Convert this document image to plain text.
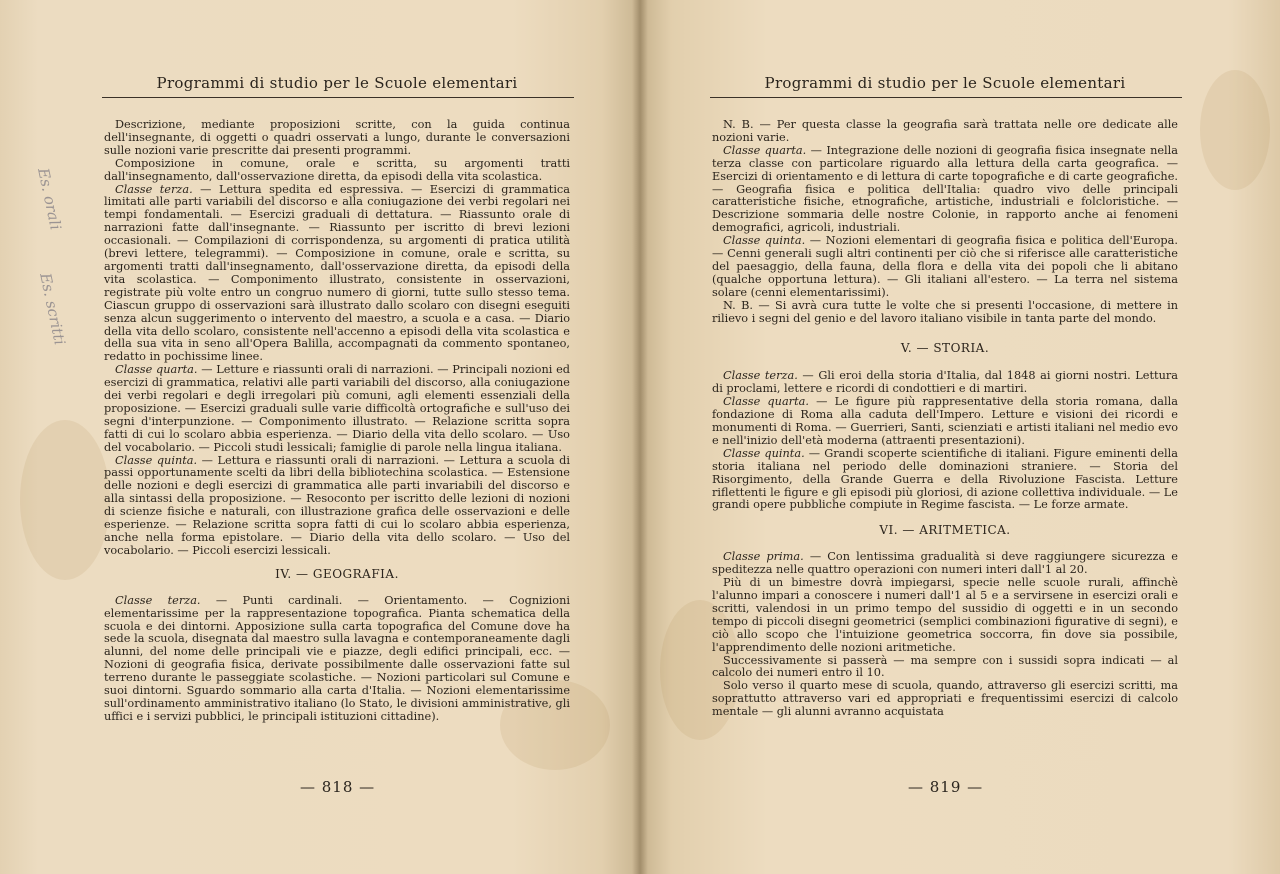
Es. orali
Es. scritti
Programmi di studio per le Scuole elementari

Descrizione, mediante proposizioni scritte, con la guida continua dell'insegnante, di oggetti o quadri osservati a lungo, durante le conversazioni sulle nozioni varie prescritte dai presenti programmi.

Composizione in comune, orale e scritta, su argomenti tratti dall'insegnamento, dall'osservazione diretta, da episodi della vita scolastica.

Classe terza. — Lettura spedita ed espressiva. — Esercizi di grammatica limitati alle parti variabili del discorso e alla coniugazione dei verbi regolari nei tempi fondamentali. — Esercizi graduali di dettatura. — Riassunto orale di narrazioni fatte dall'insegnante. — Riassunto per iscritto di brevi lezioni occasionali. — Compilazioni di corrispondenza, su argomenti di pratica utilità (brevi lettere, telegrammi). — Composizione in comune, orale e scritta, su argomenti tratti dall'insegnamento, dall'osservazione diretta, da episodi della vita scolastica. — Componimento illustrato, consistente in osservazioni, registrate più volte entro un congruo numero di giorni, tutte sullo stesso tema. Ciascun gruppo di osservazioni sarà illustrato dallo scolaro con disegni eseguiti senza alcun suggerimento o intervento del maestro, a scuola e a casa. — Diario della vita dello scolaro, consistente nell'accenno a episodi della vita scolastica e della sua vita in seno all'Opera Balilla, accompagnati da commento spontaneo, redatto in pochissime linee.

Classe quarta. — Letture e riassunti orali di narrazioni. — Principali nozioni ed esercizi di grammatica, relativi alle parti variabili del discorso, alla coniugazione dei verbi regolari e degli irregolari più comuni, agli elementi essenziali della proposizione. — Esercizi graduali sulle varie difficoltà ortografiche e sull'uso dei segni d'interpunzione. — Componimento illustrato. — Relazione scritta sopra fatti di cui lo scolaro abbia esperienza. — Diario della vita dello scolaro. — Uso del vocabolario. — Piccoli studi lessicali; famiglie di parole nella lingua italiana.

Classe quinta. — Lettura e riassunti orali di narrazioni. — Lettura a scuola di passi opportunamente scelti da libri della bibliotechina scolastica. — Estensione delle nozioni e degli esercizi di grammatica alle parti invariabili del discorso e alla sintassi della proposizione. — Resoconto per iscritto delle lezioni di nozioni di scienze fisiche e naturali, con illustrazione grafica delle osservazioni e delle esperienze. — Relazione scritta sopra fatti di cui lo scolaro abbia esperienza, anche nella forma epistolare. — Diario della vita dello scolaro. — Uso del vocabolario. — Piccoli esercizi lessicali.

IV. — GEOGRAFIA.

Classe terza. — Punti cardinali. — Orientamento. — Cognizioni elementarissime per la rappresentazione topografica. Pianta schematica della scuola e dei dintorni. Apposizione sulla carta topografica del Comune dove ha sede la scuola, disegnata dal maestro sulla lavagna e contemporaneamente dagli alunni, del nome delle principali vie e piazze, degli edifici principali, ecc. — Nozioni di geografia fisica, derivate possibilmente dalle osservazioni fatte sul terreno durante le passeggiate scolastiche. — Nozioni particolari sul Comune e suoi dintorni. Sguardo sommario alla carta d'Italia. — Nozioni elementarissime sull'ordinamento amministrativo italiano (lo Stato, le divisioni amministrative, gli uffici e i servizi pubblici, le principali istituzioni cittadine).

— 818 —
Programmi di studio per le Scuole elementari

N. B. — Per questa classe la geografia sarà trattata nelle ore dedicate alle nozioni varie.

Classe quarta. — Integrazione delle nozioni di geografia fisica insegnate nella terza classe con particolare riguardo alla lettura della carta geografica. — Esercizi di orientamento e di lettura di carte topografiche e di carte geografiche. — Geografia fisica e politica dell'Italia: quadro vivo delle principali caratteristiche fisiche, etnografiche, artistiche, industriali e folcloristiche. — Descrizione sommaria delle nostre Colonie, in rapporto anche ai fenomeni demografici, agricoli, industriali.

Classe quinta. — Nozioni elementari di geografia fisica e politica dell'Europa. — Cenni generali sugli altri continenti per ciò che si riferisce alle caratteristiche del paesaggio, della fauna, della flora e della vita dei popoli che li abitano (qualche opportuna lettura). — Gli italiani all'estero. — La terra nel sistema solare (cenni elementarissimi).

N. B. — Si avrà cura tutte le volte che si presenti l'occasione, di mettere in rilievo i segni del genio e del lavoro italiano visibile in tanta parte del mondo.

V. — STORIA.

Classe terza. — Gli eroi della storia d'Italia, dal 1848 ai giorni nostri. Lettura di proclami, lettere e ricordi di condottieri e di martiri.

Classe quarta. — Le figure più rappresentative della storia romana, dalla fondazione di Roma alla caduta dell'Impero. Letture e visioni dei ricordi e monumenti di Roma. — Guerrieri, Santi, scienziati e artisti italiani nel medio evo e nell'inizio dell'età moderna (attraenti presentazioni).

Classe quinta. — Grandi scoperte scientifiche di italiani. Figure eminenti della storia italiana nel periodo delle dominazioni straniere. — Storia del Risorgimento, della Grande Guerra e della Rivoluzione Fascista. Letture riflettenti le figure e gli episodi più gloriosi, di azione collettiva individuale. — Le grandi opere pubbliche compiute in Regime fascista. — Le forze armate.

VI. — ARITMETICA.

Classe prima. — Con lentissima gradualità si deve raggiungere sicurezza e speditezza nelle quattro operazioni con numeri interi dall'1 al 20.

Più di un bimestre dovrà impiegarsi, specie nelle scuole rurali, affinchè l'alunno impari a conoscere i numeri dall'1 al 5 e a servirsene in esercizi orali e scritti, valendosi in un primo tempo del sussidio di oggetti e in un secondo tempo di piccoli disegni geometrici (semplici combinazioni figurative di segni), e ciò allo scopo che l'intuizione geometrica soccorra, fin dove sia possibile, l'apprendimento delle nozioni aritmetiche.

Successivamente si passerà — ma sempre con i sussidi sopra indicati — al calcolo dei numeri entro il 10.

Solo verso il quarto mese di scuola, quando, attraverso gli esercizi scritti, ma soprattutto attraverso vari ed appropriati e frequentissimi esercizi di calcolo mentale — gli alunni avranno acquistata

— 819 —
